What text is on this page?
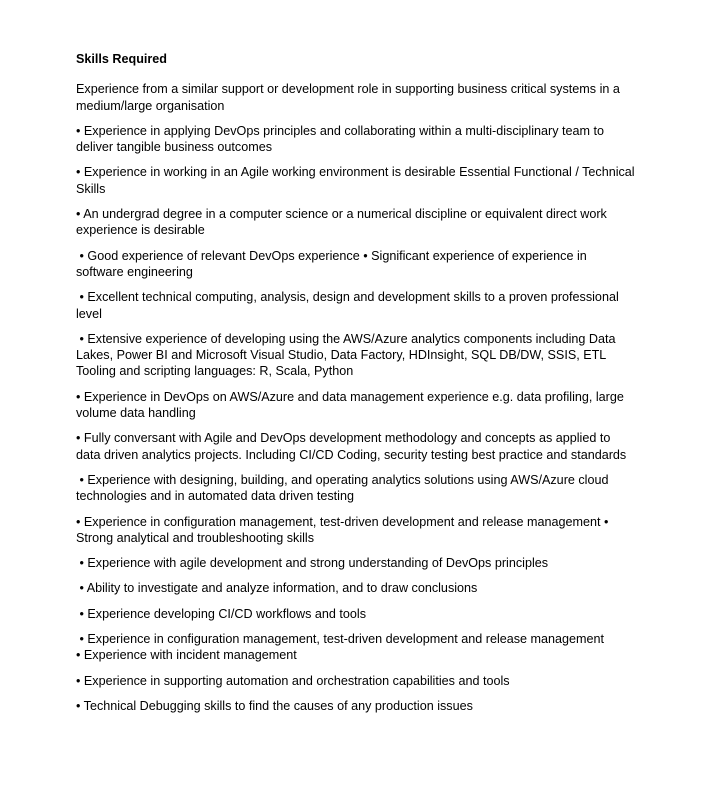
Skills Required
Experience from a similar support or development role in supporting business critical systems in a medium/large organisation
• Experience in applying DevOps principles and collaborating within a multi-disciplinary team to deliver tangible business outcomes
• Experience in working in an Agile working environment is desirable Essential Functional / Technical Skills
• An undergrad degree in a computer science or a numerical discipline or equivalent direct work experience is desirable
• Good experience of relevant DevOps experience • Significant experience of experience in software engineering
• Excellent technical computing, analysis, design and development skills to a proven professional level
• Extensive experience of developing using the AWS/Azure analytics components including Data Lakes, Power BI and Microsoft Visual Studio, Data Factory, HDInsight, SQL DB/DW, SSIS, ETL Tooling and scripting languages: R, Scala, Python
• Experience in DevOps on AWS/Azure and data management experience e.g. data profiling, large volume data handling
• Fully conversant with Agile and DevOps development methodology and concepts as applied to data driven analytics projects. Including CI/CD Coding, security testing best practice and standards
• Experience with designing, building, and operating analytics solutions using AWS/Azure cloud technologies and in automated data driven testing
• Experience in configuration management, test-driven development and release management • Strong analytical and troubleshooting skills
• Experience with agile development and strong understanding of DevOps principles
• Ability to investigate and analyze information, and to draw conclusions
• Experience developing CI/CD workflows and tools
• Experience in configuration management, test-driven development and release management
• Experience with incident management
• Experience in supporting automation and orchestration capabilities and tools
• Technical Debugging skills to find the causes of any production issues
